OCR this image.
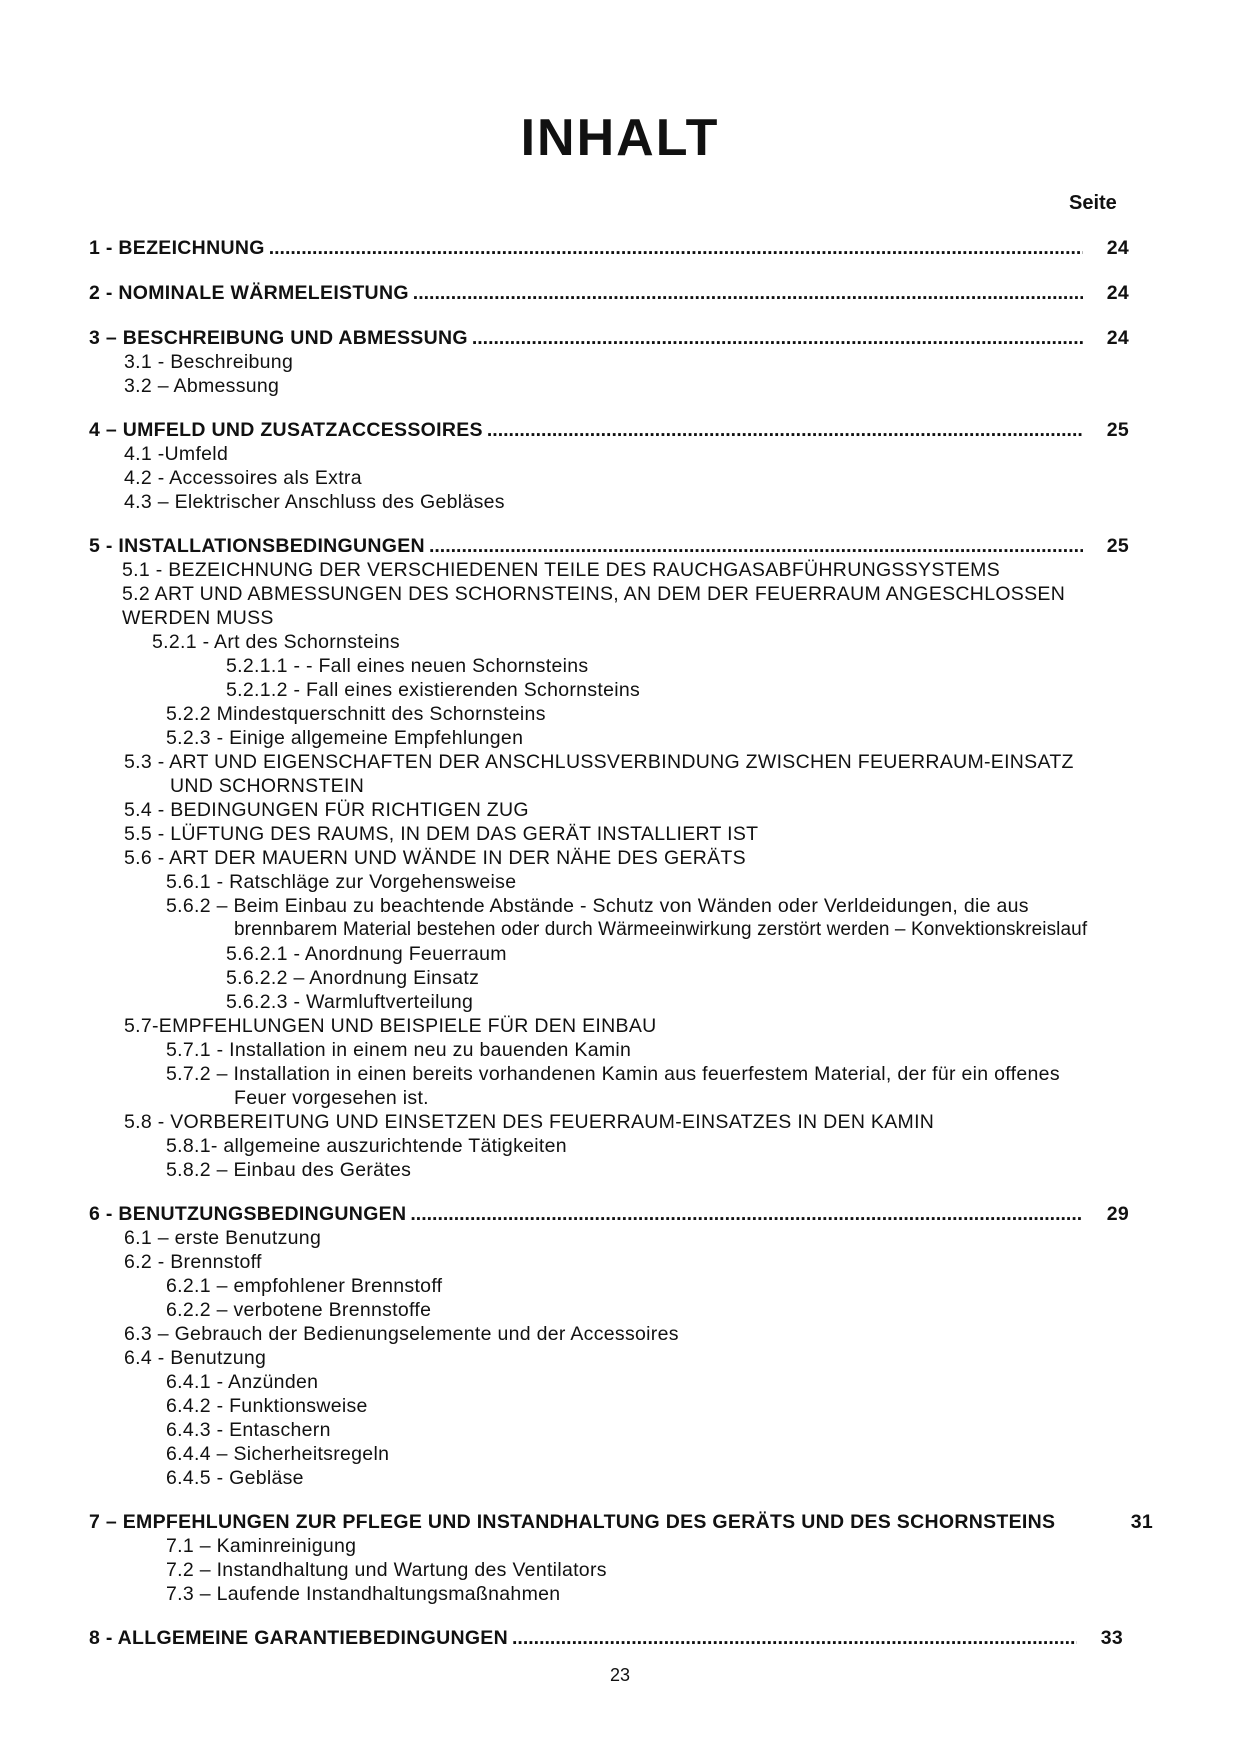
INHALT
Seite
1 - BEZEICHNUNG .....	24
2 - NOMINALE WÄRMELEISTUNG .....	24
3 – BESCHREIBUNG UND ABMESSUNG .....	24
3.1 - Beschreibung
3.2 – Abmessung
4 – UMFELD UND ZUSATZACCESSOIRES .....	25
4.1 -Umfeld
4.2 - Accessoires als Extra
4.3 – Elektrischer Anschluss des Gebläses
5 - INSTALLATIONSBEDINGUNGEN .....	25
5.1 - BEZEICHNUNG DER VERSCHIEDENEN TEILE DES RAUCHGASABFÜHRUNGSSYSTEMS
5.2 ART UND ABMESSUNGEN DES SCHORNSTEINS, AN DEM DER FEUERRAUM ANGESCHLOSSEN
WERDEN MUSS
5.2.1 - Art des Schornsteins
5.2.1.1 - - Fall eines neuen Schornsteins
5.2.1.2 - Fall eines existierenden Schornsteins
5.2.2 Mindestquerschnitt des Schornsteins
5.2.3 - Einige allgemeine Empfehlungen
5.3 - ART UND EIGENSCHAFTEN DER ANSCHLUSSVERBINDUNG ZWISCHEN FEUERRAUM-EINSATZ
UND SCHORNSTEIN
5.4 - BEDINGUNGEN FÜR RICHTIGEN ZUG
5.5 - LÜFTUNG DES RAUMS, IN DEM DAS GERÄT INSTALLIERT IST
5.6 - ART DER MAUERN UND WÄNDE IN DER NÄHE DES GERÄTS
5.6.1 - Ratschläge zur Vorgehensweise
5.6.2 – Beim Einbau zu beachtende Abstände - Schutz von Wänden oder Verldeidungen, die aus
brennbarem Material bestehen oder durch Wärmeeinwirkung zerstört werden – Konvektionskreislauf
5.6.2.1 - Anordnung Feuerraum
5.6.2.2 – Anordnung Einsatz
5.6.2.3 - Warmluftverteilung
5.7-EMPFEHLUNGEN UND BEISPIELE FÜR DEN EINBAU
5.7.1 - Installation in einem neu zu bauenden Kamin
5.7.2 – Installation in einen bereits vorhandenen Kamin aus feuerfestem Material, der für ein offenes
Feuer vorgesehen ist.
5.8 - VORBEREITUNG UND EINSETZEN DES FEUERRAUM-EINSATZES IN DEN KAMIN
5.8.1- allgemeine auszurichtende Tätigkeiten
5.8.2 – Einbau des Gerätes
6 - BENUTZUNGSBEDINGUNGEN .....	29
6.1 – erste Benutzung
6.2 - Brennstoff
6.2.1 – empfohlener Brennstoff
6.2.2 – verbotene Brennstoffe
6.3 – Gebrauch der Bedienungselemente und der Accessoires
6.4 - Benutzung
6.4.1 - Anzünden
6.4.2 - Funktionsweise
6.4.3 - Entaschern
6.4.4 – Sicherheitsregeln
6.4.5 - Gebläse
7 – EMPFEHLUNGEN ZUR PFLEGE UND INSTANDHALTUNG DES GERÄTS UND DES SCHORNSTEINS	31
7.1 – Kaminreinigung
7.2 – Instandhaltung und Wartung des Ventilators
7.3 – Laufende Instandhaltungsmaßnahmen
8 - ALLGEMEINE GARANTIEBEDINGUNGEN .....	33
23
